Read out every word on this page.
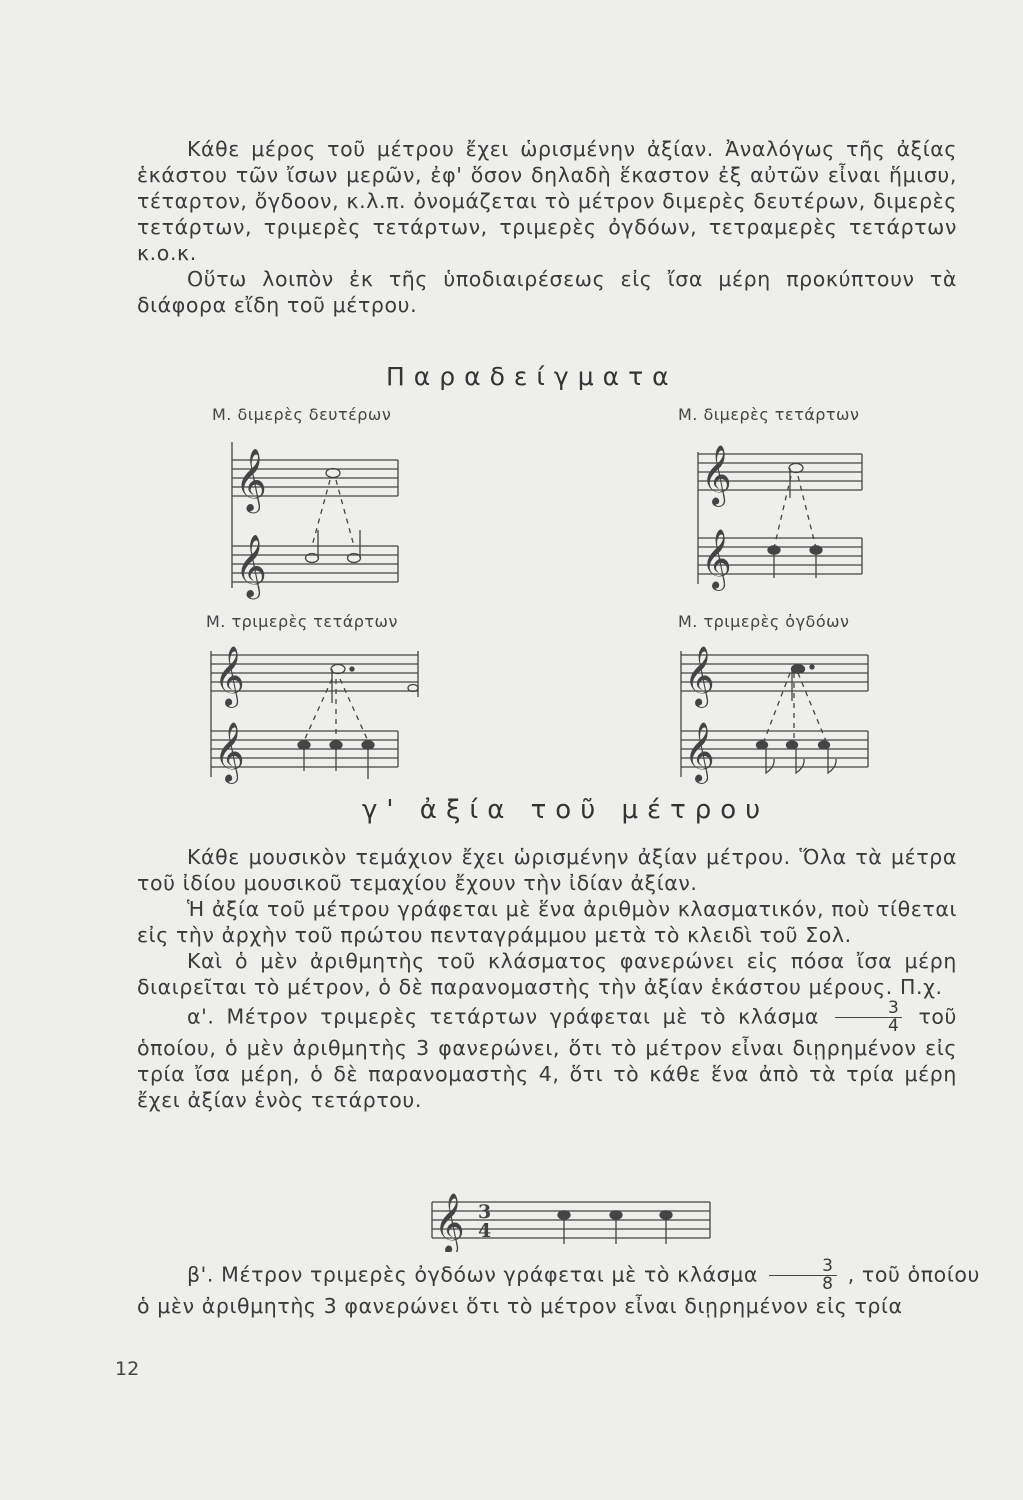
Κάθε μέρος τοῦ μέτρου ἔχει ὡρισμένην ἀξίαν. Ἀναλόγως τῆς ἀξίας ἑκάστου τῶν ἴσων μερῶν, ἐφ' ὅσον δηλαδὴ ἕκαστον ἐξ αὐτῶν εἶναι ἥμισυ, τέταρτον, ὄγδοον, κ.λ.π. ὀνομάζεται τὸ μέτρον διμερὲς δευτέρων, διμερὲς τετάρτων, τριμερὲς τετάρτων, τριμερὲς ὀγδόων, τετραμερὲς τετάρτων κ.ο.κ.

Οὕτω λοιπὸν ἐκ τῆς ὑποδιαιρέσεως εἰς ἴσα μέρη προκύπτουν τὰ διάφορα εἴδη τοῦ μέτρου.

Παραδείγματα
Μ. διμερὲς δευτέρων	Μ. διμερὲς τετάρτων
Μ. τριμερὲς τετάρτων	Μ. τριμερὲς ὀγδόων
𝄞
𝄞
𝄞
𝄞
𝄞
𝄞
𝄞
𝄞
γ' ἀξία τοῦ μέτρου

Κάθε μουσικὸν τεμάχιον ἔχει ὡρισμένην ἀξίαν μέτρου. Ὅλα τὰ μέτρα τοῦ ἰδίου μουσικοῦ τεμαχίου ἔχουν τὴν ἰδίαν ἀξίαν.

Ἡ ἀξία τοῦ μέτρου γράφεται μὲ ἕνα ἀριθμὸν κλασματικόν, ποὺ τίθεται εἰς τὴν ἀρχὴν τοῦ πρώτου πενταγράμμου μετὰ τὸ κλειδὶ τοῦ Σολ.

Καὶ ὁ μὲν ἀριθμητὴς τοῦ κλάσματος φανερώνει εἰς πόσα ἴσα μέρη διαιρεῖται τὸ μέτρον, ὁ δὲ παρανομαστὴς τὴν ἀξίαν ἑκάστου μέρους. Π.χ.

α'. Μέτρον τριμερὲς τετάρτων γράφεται μὲ τὸ κλάσμα $\frac{3}{4}$ τοῦ ὁποίου, ὁ μὲν ἀριθμητὴς 3 φανερώνει, ὅτι τὸ μέτρον εἶναι διῃρημένον εἰς τρία ἴσα μέρη, ὁ δὲ παρανομαστὴς 4, ὅτι τὸ κάθε ἕνα ἀπὸ τὰ τρία μέρη ἔχει ἀξίαν ἑνὸς τετάρτου.

𝄞 3
4

β'. Μέτρον τριμερὲς ὀγδόων γράφεται μὲ τὸ κλάσμα $\frac{3}{8}$ , τοῦ ὁποίου

ὁ μὲν ἀριθμητὴς 3 φανερώνει ὅτι τὸ μέτρον εἶναι διῃρημένον εἰς τρία

12
